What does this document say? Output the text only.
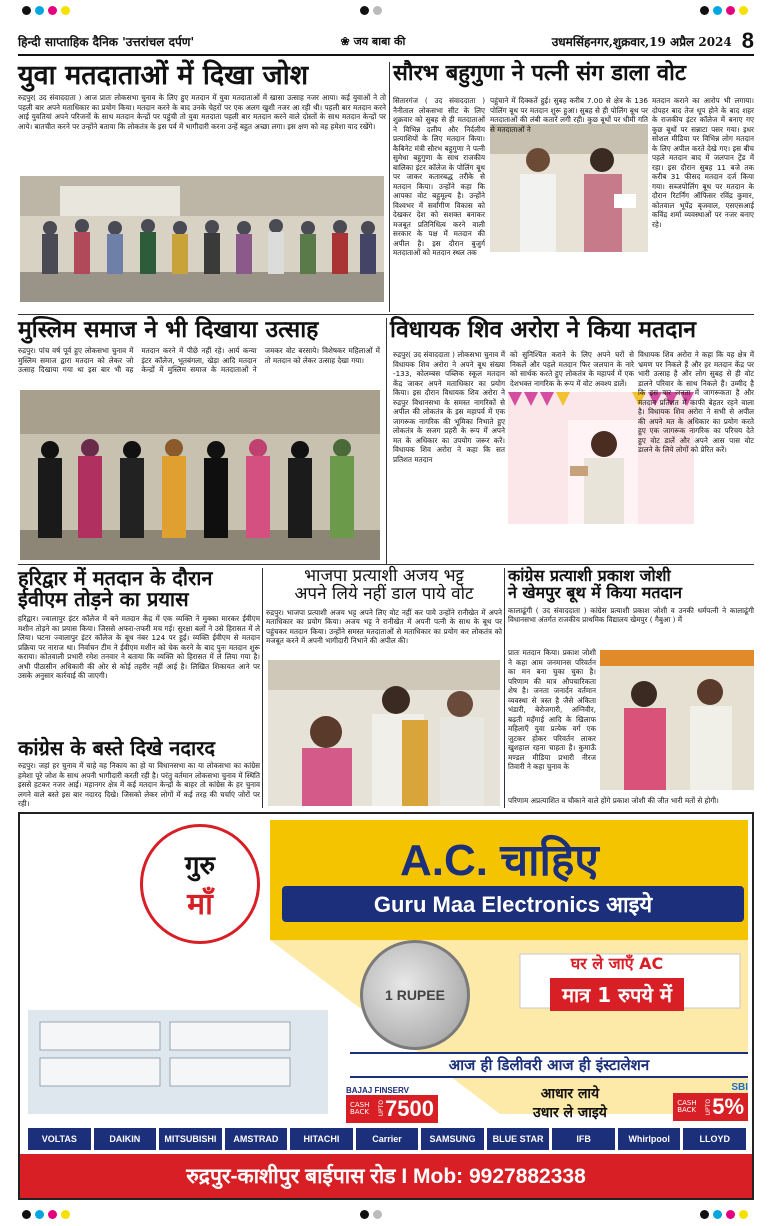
हिन्दी साप्ताहिक दैनिक 'उत्तरांचल दर्पण'	❀ जय बाबा की	उधमसिंहनगर,शुक्रवार,19 अप्रैल 2024 8
युवा मतदाताओं में दिखा जोश
रुद्रपुर( उद संवाददाता ) आज प्रातः लोकसभा चुनाव के लिए हुए मतदान में युवा मतदाताओं में खासा उत्साह नजर आया। कई युवाओं ने तो पहली बार अपने मताधिकार का प्रयोग किया। मतदान करने के बाद उनके चेहरों पर एक अलग खुशी नजर आ रही थी। पहली बार मतदान करने आई युवतियां अपने परिजनों के साथ मतदान केन्द्रों पर पहुंची तो युवा मतदाता पहली बार मतदान करने वाले दोस्तों के साथ मतदान केन्द्रों पर आये। बातचीत करने पर उन्होंने बताया कि लोकतंत्र के इस पर्व में भागीदारी करना उन्हें बहुत अच्छा लगा। इस क्षण को वह हमेशा याद रखेंगे।
सौरभ बहुगुणा ने पत्नी संग डाला वोट
सितारगंज ( उद संवाददाता ) नैनीताल लोकसभा सीट के लिए शुक्रवार को सुबह से ही मतदाताओं ने विभिन्न दलीय और निर्दलीय प्रत्याशियों के लिए मतदान किया। कैबिनेट मंत्री सौरभ बहुगुणा ने पत्नी सुमेधा बहुगुणा के साथ राजकीय बालिका इंटर कॉलेज के पोलिंग बूथ पर जाकर कतारबद्ध तरीके से मतदान किया। उन्होंने कहा कि आपका वोट बहुमूल्य है। उन्होंने विश्वभर में सर्वांगीण विकास को देखकर देश को सशक्त बनाकर मजबूत प्रतिनिधित्व करने वाली सरकार के पक्ष में मतदान की अपील है। इस दौरान बुजुर्ग मतदाताओं को मतदान स्थल तक
पहुंचाने में दिक्कतें हुई। सुबह करीब 7.00 से क्षेत्र के 136 पोलिंग बूथ पर मतदान शुरू हुआ। सुबह से ही पोलिंग बूथ पर मतदाताओं की लंबी कतारें लगी रही। कुछ बूथों पर धीमी गति से मतदाताओं ने
मतदान कराने का आरोप भी लगाया। दोपहर बाद तेज धूप होने के बाद शहर के राजकीय इंटर कॉलेज में बनाए गए कुछ बूथों पर सन्नाटा पसर गया। इधर सोशल मीडिया पर विभिन्न लोग मतदान के लिए अपील करते देखे गए। इस बीच पहले मतदान बाद में जलपान ट्रेंड में रहा। इस दौरान सुबह 11 बजे तक करीब 31 फीसद मतदान दर्ज किया गया। सब्जपोलिंग बूथ पर मतदान के दौरान रिटर्निंग ऑफिसर रविंद्र कुमार, कोतवाल भूपेंद्र बृजवाल, एसएसआई कविंद्र शर्मा व्यवस्थाओं पर नजर बनाए रहे।
मुस्लिम समाज ने भी दिखाया उत्साह
रुद्रपुर। पांच वर्ष पूर्व हुए लोकसभा चुनाव में मुस्लिम समाज द्वारा मतदान को लेकर जो उत्साह दिखाया गया था इस बार भी वह मतदान करने में पीछे नहीं रहे। आर्य कन्या इंटर कॉलेज, भूतबंगला, खेड़ा आदि मतदान केन्द्रों में मुस्लिम समाज के मतदाताओं ने जमकर वोट बरसाये। विशेषकर महिलाओं में तो मतदान को लेकर उत्साह देखा गया।
विधायक शिव अरोरा ने किया मतदान
रुद्रपुर( उद संवाददाता ) लोकसभा चुनाव में विधायक शिव अरोरा ने अपने बूथ संख्या -133, कोलम्बस पब्लिक स्कूल मतदान केंद्र जाकर अपने मताधिकार का प्रयोग किया। इस दौरान विधायक शिव अरोरा ने रुद्रपुर विधानसभा के समस्त नागरिकों से अपील की लोकतंत्र के इस महापर्व में एक जागरूक नागरिक की भूमिका निभाते हुए लोकतंत्र के सजग प्रहरी के रूप में अपने मत के अधिकार का उपयोग जरूर करें। विधायक शिव अरोरा ने कहा कि सत प्रतिशत मतदान
को सुनिश्चित कराने के लिए अपने घरों से निकलें और पहले मतदान फिर जलपान के नारे को सार्थक करते हुए लोकतंत्र के महापर्व में एक देशभक्त नागरिक के रूप में वोट अवश्य डालें।
विधायक शिव अरोरा ने कहा कि यह क्षेत्र में भ्रमण पर निकले हैं और हर मतदान केंद्र पर भारी उत्साह है और लोग सुबह से ही वोट डालने परिवार के साथ निकले हैं। उम्मीद है कि इस बार जनता में जागरूकता है और मतदान प्रतिशत में काफी बेहतर रहने वाला है। विधायक शिव अरोरा ने सभी से अपील की अपने मत के अधिकार का प्रयोग करते हुए एक जागरूक नागरिक का परिचय देते हुए वोट डालें और अपने आस पास वोट डालने के लिये लोगों को प्रेरित करें।
हरिद्वार में मतदान के दौरान
ईवीएम तोड़ने का प्रयास
हरिद्वार। ज्वालापुर इंटर कॉलेज में बने मतदान केंद्र में एक व्यक्ति ने मुक्का मारकर ईवीएम मशीन तोड़ने का प्रयास किया। जिससे अफरा-तफरी मच गई। सुरक्षा बलों ने उसे हिरासत में ले लिया। घटना ज्वालापुर इंटर कॉलेज के बूथ नंबर 124 पर हुई। व्यक्ति ईवीएम से मतदान प्रक्रिया पर नाराज था। निर्वाचन टीम ने ईवीएम मशीन को चेक करने के बाद पुनः मतदान शुरू कराया। कोतवाली प्रभारी रमेश तनवार ने बताया कि व्यक्ति को हिरासत में ले लिया गया है। अभी पीठासीन अधिकारी की ओर से कोई तहरीर नहीं आई है। लिखित शिकायत आने पर उसके अनुसार कार्रवाई की जाएगी।
कांग्रेस के बस्ते दिखे नदारद
रुद्रपुर। जहां हर चुनाव में चाहे वह निकाय का हो या विधानसभा का या लोकसभा का कांग्रेस हमेशा पूरे जोश के साथ अपनी भागीदारी करती रही है। परंतु वर्तमान लोकसभा चुनाव में स्थिति इससे हटकर नजर आई। महानगर क्षेत्र में कई मतदान केन्द्रों के बाहर तो कांग्रेस के हर चुनाव लगने वाले बस्ते इस बार नदारद दिखे। जिसको लेकर लोगों में कई तरह की चर्चाएं जोरों पर रही।
भाजपा प्रत्याशी अजय भट्ट
अपने लिये नहीं डाल पाये वोट
रुद्रपुर। भाजपा प्रत्याशी अजय भट्ट अपने लिए वोट नहीं कर पाये उन्होंने रानीखेत में अपने मताधिकार का प्रयोग किया। अजय भट्ट ने रानीखेत में अपनी पत्नी के साथ के बूथ पर पहुंचकर मतदान किया। उन्होंने समस्त मतदाताओं से मताधिकार का प्रयोग कर लोकतंत्र को मजबूत करने में अपनी भागीदारी निभाने की अपील की।
कांग्रेस प्रत्याशी प्रकाश जोशी
ने खेमपुर बूथ में किया मतदान
कालाढूंगी ( उद संवाददाता ) कांग्रेस प्रत्याशी प्रकाश जोशी व उनकी धर्मपत्नी ने कालाढूंगी विधानसभा अंतर्गत राजकीय प्राथमिक विद्यालय खेमपुर ( गैबुआ ) में
प्रातः मतदान किया। प्रकाश जोशी ने कहा आम जनमानस परिवर्तन का मन बना चुका चुका है। परिणाम की मात्र औपचारिकता शेष है। जनता जनार्दन वर्तमान व्यवस्था से त्रस्त है जैसे अंकिता भंडारी, बेरोजगारी, अग्निवीर, बढ़ती महँगाई आदि के खिलाफ महिलाएँ युवा प्रत्येक वर्ग एक जुटकर होकर परिवर्तन लाकर खुशहाल रहना चाहता है। कुमाऊँ मण्डल मीडिया प्रभारी नीरज तिवारी ने कहा चुनाव के
परिणाम अप्रत्याशित व चौकाने वाले होंगे प्रकाश जोशी की जीत भारी मतों से होगी।
गुरु
माँ
A.C. चाहिए
Guru Maa Electronics आइये
1 RUPEE
घर ले जाएँ AC
मात्र 1 रुपये में
आज ही डिलीवरी आज ही इंस्टालेशन
BAJAJ FINSERV
CASH BACK	UPTO 7500
आधार लाये
उधार ले जाइये
SBI
CASH BACK	UPTO 5%
VOLTAS	DAIKIN	MITSUBISHI	AMSTRAD	HITACHI	Carrier	SAMSUNG	BLUE STAR	IFB	Whirlpool	LLOYD
रुद्रपुर-काशीपुर बाईपास रोड I Mob: 9927882338
